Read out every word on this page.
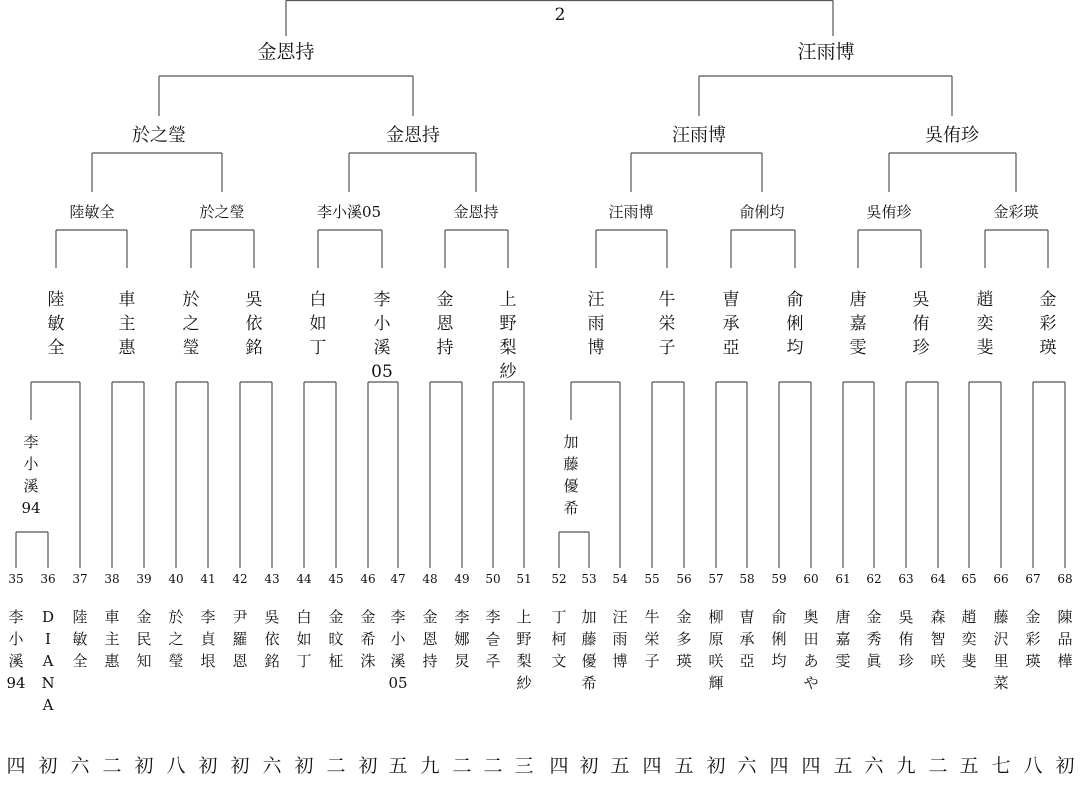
2
金恩持	汪雨博
於之瑩	金恩持	汪雨博	吳侑珍
陸敏全	於之瑩	李小溪05	金恩持	汪雨博	俞俐均	吳侑珍	金彩瑛
陸敏全
車主惠
於之瑩
吳依銘
白如丁
李小溪 05
金恩持
上野梨紗
汪雨博
牛栄子
曺承亞
俞俐均
唐嘉雯
吳侑珍
趙奕斐
金彩瑛
李小溪 94
加藤優希
35 36 37 38 39 40 41 42 43 44 45 46 47 48 49 50 51 52 53 54 55 56 57 58 59 60 61 62 63 64 65 66 67 68
李小溪 94
D I A N A
陸敏全
車主惠
金民知
於之瑩
李貞垠
尹羅恩
吳依銘
白如丁
金旼柾
金希洙
李小溪 05
金恩持
李娜炅
李 슬 주
上野梨紗
丁柯文
加藤優希
汪雨博
牛栄子
金多瑛
柳原咲輝
曺承亞
俞俐均
奥田あや
唐嘉雯
金秀眞
吳侑珍
森智咲
趙奕斐
藤沢里菜
金彩瑛
陳品樺
四 初 六 二 初 八 初 初 六 初 二 初 五 九 二 二 三 四 初 五 四 五 初 六 四 四 五 六 九 二 五 七 八 初
